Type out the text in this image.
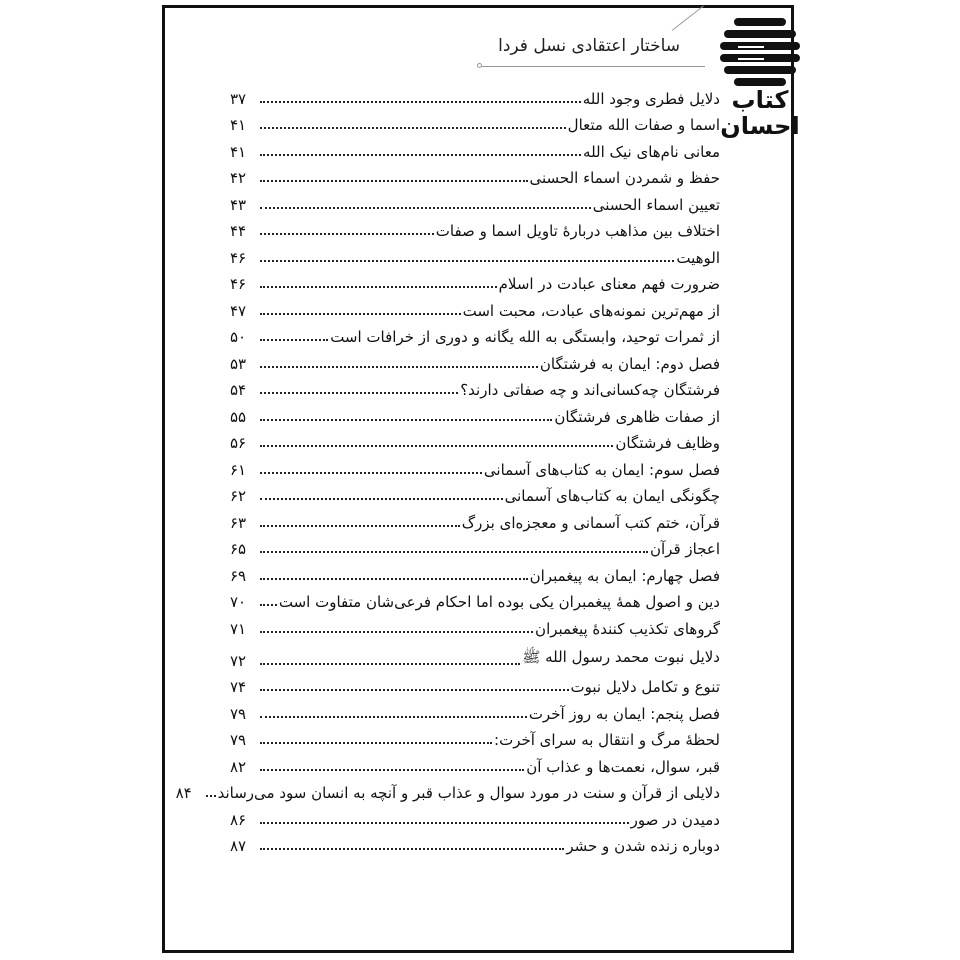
ساختار اعتقادی نسل فردا
کتاب
احسان
دلایل فطری وجود الله
۳۷
اسما و صفات الله متعال
۴۱
معانی نام‌های نیک الله
۴۱
حفظ و شمردن اسماء الحسنی
۴۲
تعیین اسماء الحسنی
۴۳
اختلاف بین مذاهب دربارۀ تاویل اسما و صفات
۴۴
الوهیت
۴۶
ضرورت فهم معنای عبادت در اسلام
۴۶
از مهم‌ترین نمونه‌های عبادت، محبت است
۴۷
از ثمرات توحید، وابستگی به الله یگانه و دوری از خرافات است
۵۰
فصل دوم: ایمان به فرشتگان
۵۳
فرشتگان چه‌کسانی‌اند و چه صفاتی دارند؟
۵۴
از صفات ظاهری فرشتگان
۵۵
وظایف فرشتگان
۵۶
فصل سوم: ایمان به کتاب‌های آسمانی
۶۱
چگونگی ایمان به کتاب‌های آسمانی
۶۲
قرآن، ختم کتب آسمانی و معجزه‌ای بزرگ
۶۳
اعجاز قرآن
۶۵
فصل چهارم: ایمان به پیغمبران
۶۹
دین و اصول همۀ پیغمبران یکی بوده اما احکام فرعی‌شان متفاوت است
۷۰
گروهای تکذیب کنندۀ پیغمبران
۷۱
دلایل نبوت محمد رسول الله ﷺ
۷۲
تنوع و تکامل دلایل نبوت
۷۴
فصل پنجم: ایمان به روز آخرت
۷۹
لحظۀ مرگ و انتقال به سرای آخرت:
۷۹
قبر، سوال، نعمت‌ها و عذاب آن
۸۲
دلایلی از قرآن و سنت در مورد سوال و عذاب قبر و آنچه به انسان سود می‌رساند
۸۴
دمیدن در صور
۸۶
دوباره زنده شدن و حشر
۸۷
